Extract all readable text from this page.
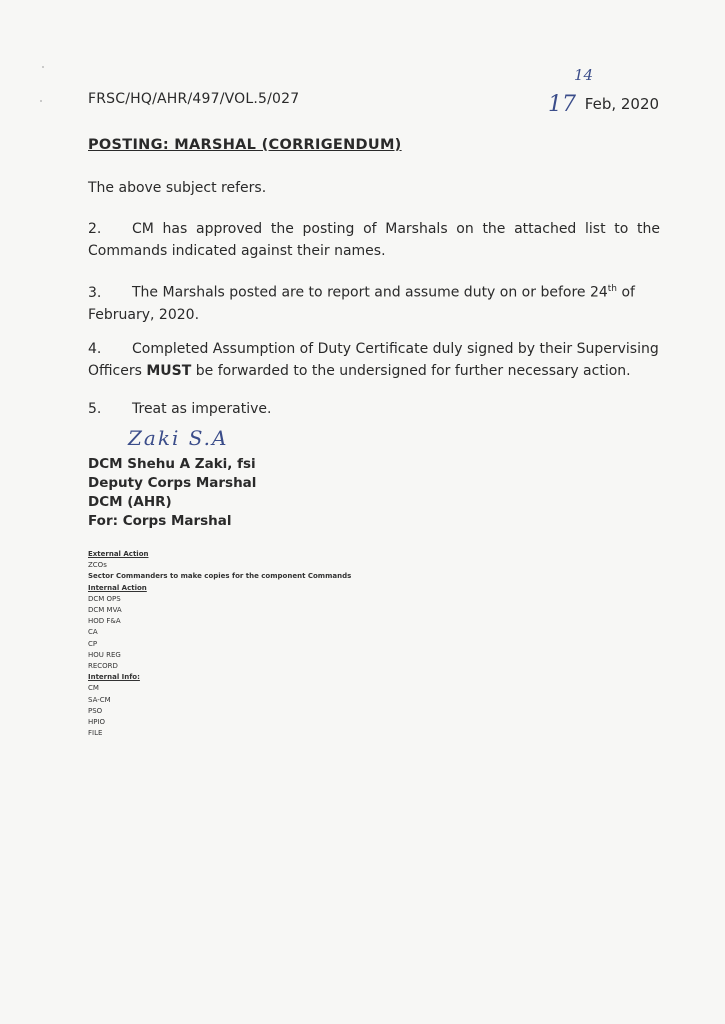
FRSC/HQ/AHR/497/VOL.5/027
14
17 Feb, 2020
POSTING: MARSHAL (CORRIGENDUM)
The above subject refers.
2. CM has approved the posting of Marshals on the attached list to the Commands indicated against their names.
3. The Marshals posted are to report and assume duty on or before 24th of February, 2020.
4. Completed Assumption of Duty Certificate duly signed by their Supervising Officers MUST be forwarded to the undersigned for further necessary action.
5. Treat as imperative.
Zaki S.A
DCM Shehu A Zaki, fsi
Deputy Corps Marshal
DCM (AHR)
For: Corps Marshal
External Action
ZCOs
Sector Commanders to make copies for the component Commands
Internal Action
DCM OPS
DCM MVA
HOD F&A
CA
CP
HOU REG
RECORD
Internal Info:
CM
SA-CM
PSO
HPIO
FILE
